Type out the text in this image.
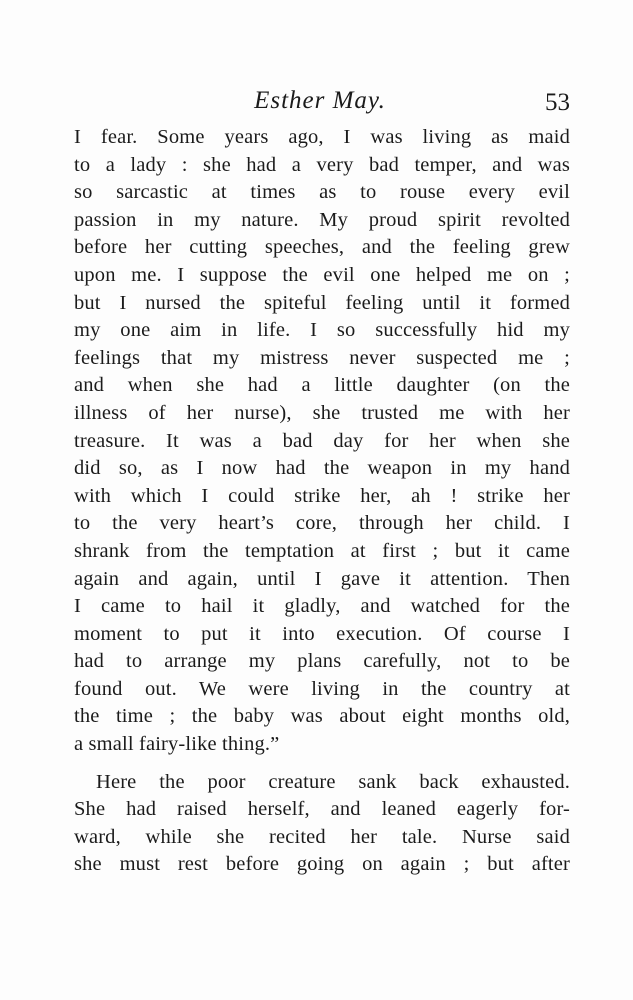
Esther May.	53
I fear. Some years ago, I was living as maid
to a lady : she had a very bad temper, and was
so sarcastic at times as to rouse every evil
passion in my nature. My proud spirit revolted
before her cutting speeches, and the feeling grew
upon me. I suppose the evil one helped me on ;
but I nursed the spiteful feeling until it formed
my one aim in life. I so successfully hid my
feelings that my mistress never suspected me ;
and when she had a little daughter (on the
illness of her nurse), she trusted me with her
treasure. It was a bad day for her when she
did so, as I now had the weapon in my hand
with which I could strike her, ah ! strike her
to the very heart’s core, through her child. I
shrank from the temptation at first ; but it came
again and again, until I gave it attention. Then
I came to hail it gladly, and watched for the
moment to put it into execution. Of course I
had to arrange my plans carefully, not to be
found out. We were living in the country at
the time ; the baby was about eight months old,
a small fairy-like thing.”
Here the poor creature sank back exhausted.
She had raised herself, and leaned eagerly for-
ward, while she recited her tale. Nurse said
she must rest before going on again ; but after
